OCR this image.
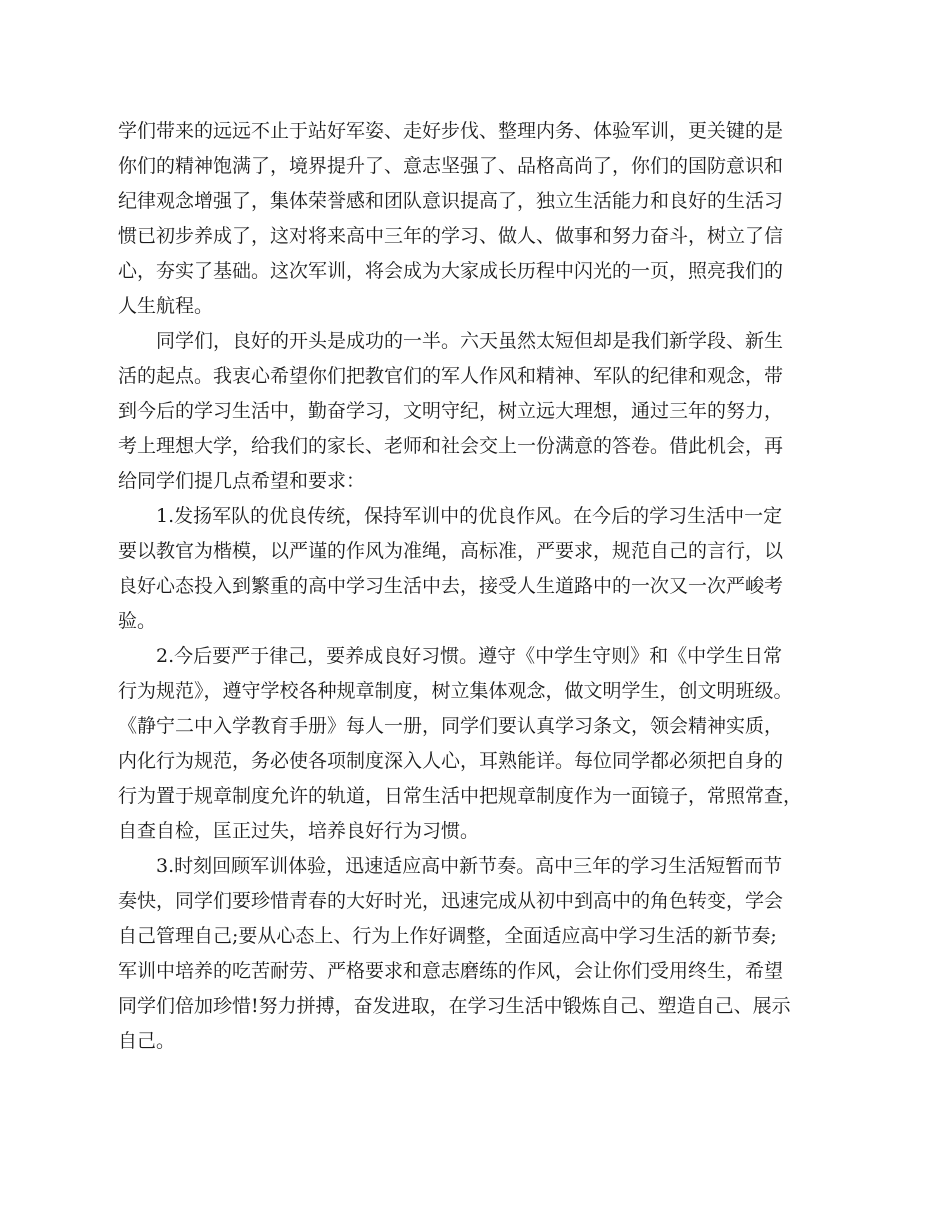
学们带来的远远不止于站好军姿、走好步伐、整理内务、体验军训，更关键的是
你们的精神饱满了，境界提升了、意志坚强了、品格高尚了，你们的国防意识和
纪律观念增强了，集体荣誉感和团队意识提高了，独立生活能力和良好的生活习
惯已初步养成了，这对将来高中三年的学习、做人、做事和努力奋斗，树立了信
心，夯实了基础。这次军训，将会成为大家成长历程中闪光的一页，照亮我们的
人生航程。
同学们，良好的开头是成功的一半。六天虽然太短但却是我们新学段、新生
活的起点。我衷心希望你们把教官们的军人作风和精神、军队的纪律和观念，带
到今后的学习生活中，勤奋学习，文明守纪，树立远大理想，通过三年的努力，
考上理想大学，给我们的家长、老师和社会交上一份满意的答卷。借此机会，再
给同学们提几点希望和要求：
1.发扬军队的优良传统，保持军训中的优良作风。在今后的学习生活中一定
要以教官为楷模，以严谨的作风为准绳，高标准，严要求，规范自己的言行，以
良好心态投入到繁重的高中学习生活中去，接受人生道路中的一次又一次严峻考
验。
2.今后要严于律己，要养成良好习惯。遵守《中学生守则》和《中学生日常
行为规范》，遵守学校各种规章制度，树立集体观念，做文明学生，创文明班级。
《静宁二中入学教育手册》每人一册，同学们要认真学习条文，领会精神实质，
内化行为规范，务必使各项制度深入人心，耳熟能详。每位同学都必须把自身的
行为置于规章制度允许的轨道，日常生活中把规章制度作为一面镜子，常照常查，
自查自检，匡正过失，培养良好行为习惯。
3.时刻回顾军训体验，迅速适应高中新节奏。高中三年的学习生活短暂而节
奏快，同学们要珍惜青春的大好时光，迅速完成从初中到高中的角色转变，学会
自己管理自己;要从心态上、行为上作好调整，全面适应高中学习生活的新节奏;
军训中培养的吃苦耐劳、严格要求和意志磨练的作风，会让你们受用终生，希望
同学们倍加珍惜!努力拼搏，奋发进取，在学习生活中锻炼自己、塑造自己、展示
自己。
